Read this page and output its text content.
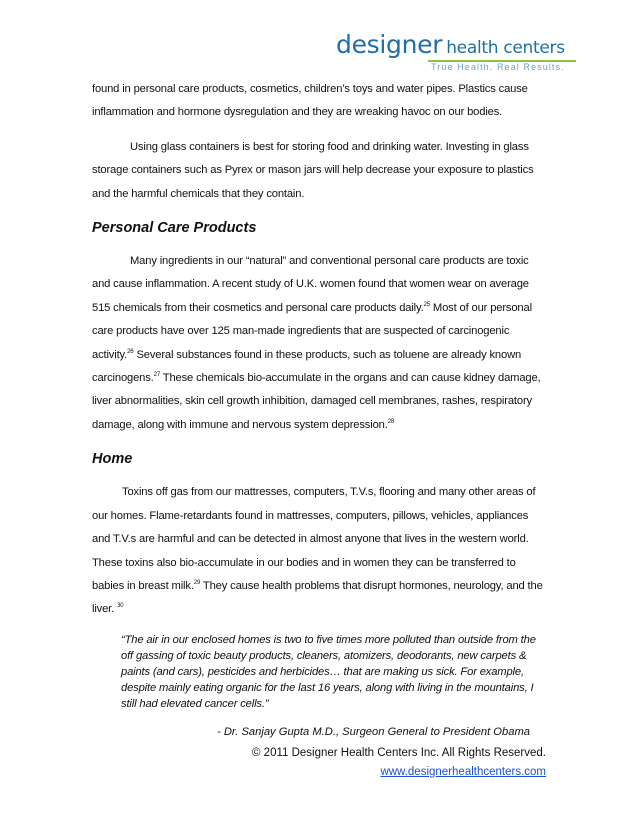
designer health centers
True Health. Real Results.

found in personal care products, cosmetics, children’s toys and water pipes. Plastics cause inflammation and hormone dysregulation and they are wreaking havoc on our bodies.

Using glass containers is best for storing food and drinking water. Investing in glass storage containers such as Pyrex or mason jars will help decrease your exposure to plastics and the harmful chemicals that they contain.

Personal Care Products

Many ingredients in our “natural” and conventional personal care products are toxic and cause inflammation. A recent study of U.K. women found that women wear on average 515 chemicals from their cosmetics and personal care products daily.$^{25}$ Most of our personal care products have over 125 man-made ingredients that are suspected of carcinogenic activity.$^{26}$ Several substances found in these products, such as toluene are already known carcinogens.$^{27}$ These chemicals bio-accumulate in the organs and can cause kidney damage, liver abnormalities, skin cell growth inhibition, damaged cell membranes, rashes, respiratory damage, along with immune and nervous system depression.$^{28}$

Home

Toxins off gas from our mattresses, computers, T.V.s, flooring and many other areas of our homes. Flame-retardants found in mattresses, computers, pillows, vehicles, appliances and T.V.s are harmful and can be detected in almost anyone that lives in the western world. These toxins also bio-accumulate in our bodies and in women they can be transferred to babies in breast milk.$^{29}$ They cause health problems that disrupt hormones, neurology, and the liver. $^{30}$

“The air in our enclosed homes is two to five times more polluted than outside from the off gassing of toxic beauty products, cleaners, atomizers, deodorants, new carpets & paints (and cars), pesticides and herbicides… that are making us sick. For example, despite mainly eating organic for the last 16 years, along with living in the mountains, I still had elevated cancer cells.”
- Dr. Sanjay Gupta M.D., Surgeon General to President Obama
© 2011 Designer Health Centers Inc. All Rights Reserved.
www.designerhealthcenters.com
